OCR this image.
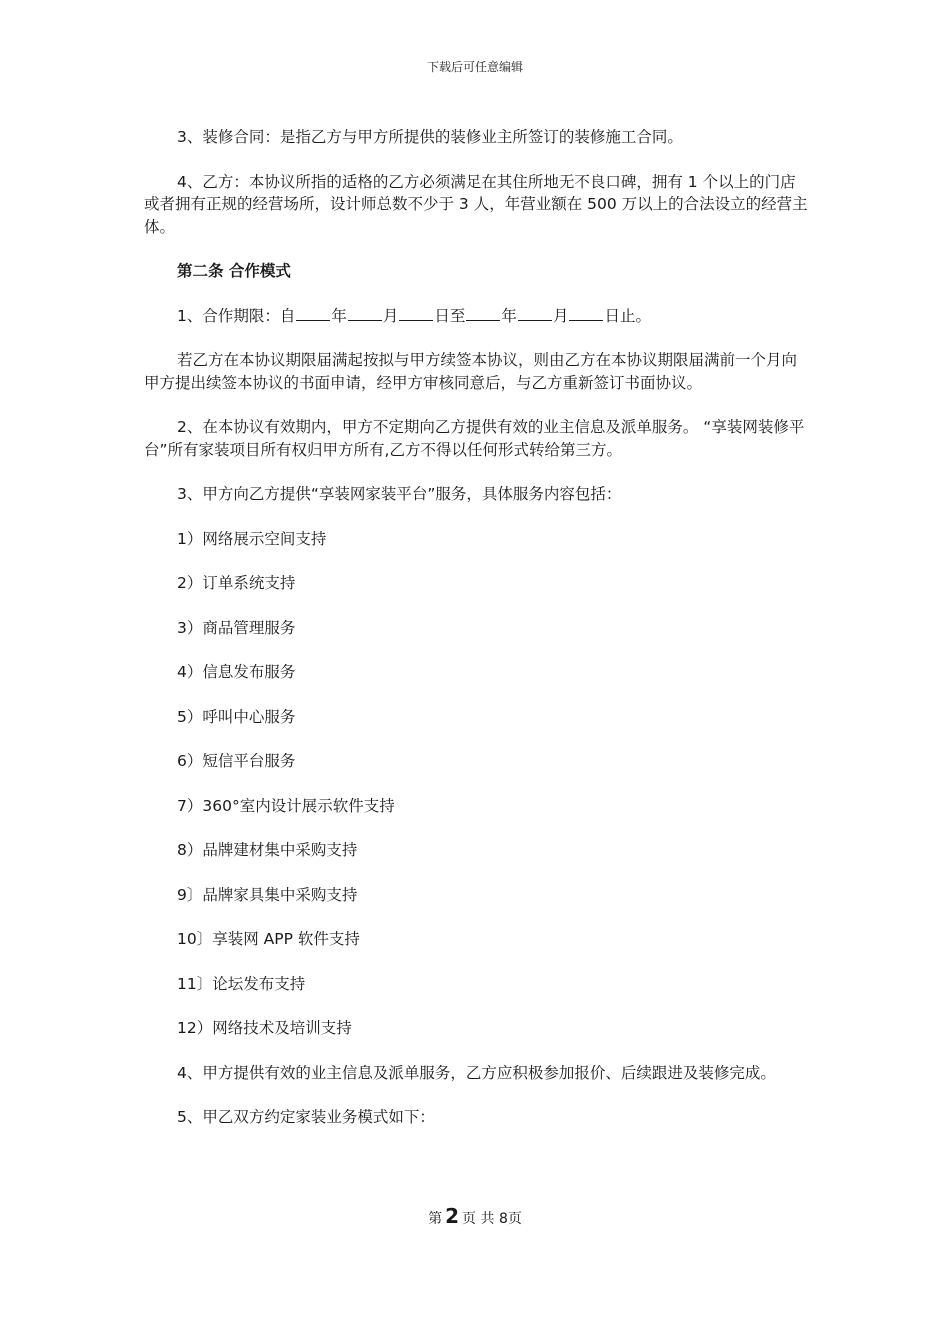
下载后可任意编辑

3、装修合同：是指乙方与甲方所提供的装修业主所签订的装修施工合同。

4、乙方：本协议所指的适格的乙方必须满足在其住所地无不良口碑，拥有 1 个以上的门店或者拥有正规的经营场所，设计师总数不少于 3 人，年营业额在 500 万以上的合法设立的经营主体。

第二条 合作模式

1、合作期限：自 年 月 日至 年 月 日止。

若乙方在本协议期限届满起按拟与甲方续签本协议，则由乙方在本协议期限届满前一个月向甲方提出续签本协议的书面申请，经甲方审核同意后，与乙方重新签订书面协议。

2、在本协议有效期内，甲方不定期向乙方提供有效的业主信息及派单服务。 “享装网装修平台”所有家装项目所有权归甲方所有,乙方不得以任何形式转给第三方。

3、甲方向乙方提供“享装网家装平台”服务，具体服务内容包括：

1）网络展示空间支持

2）订单系统支持

3）商品管理服务

4）信息发布服务

5）呼叫中心服务

6）短信平台服务

7）360°室内设计展示软件支持

8）品牌建材集中采购支持

9〕品牌家具集中采购支持

10〕享装网 APP 软件支持

11〕论坛发布支持

12）网络技术及培训支持

4、甲方提供有效的业主信息及派单服务，乙方应积极参加报价、后续跟进及装修完成。

5、甲乙双方约定家装业务模式如下：

第 2 页 共 8页
